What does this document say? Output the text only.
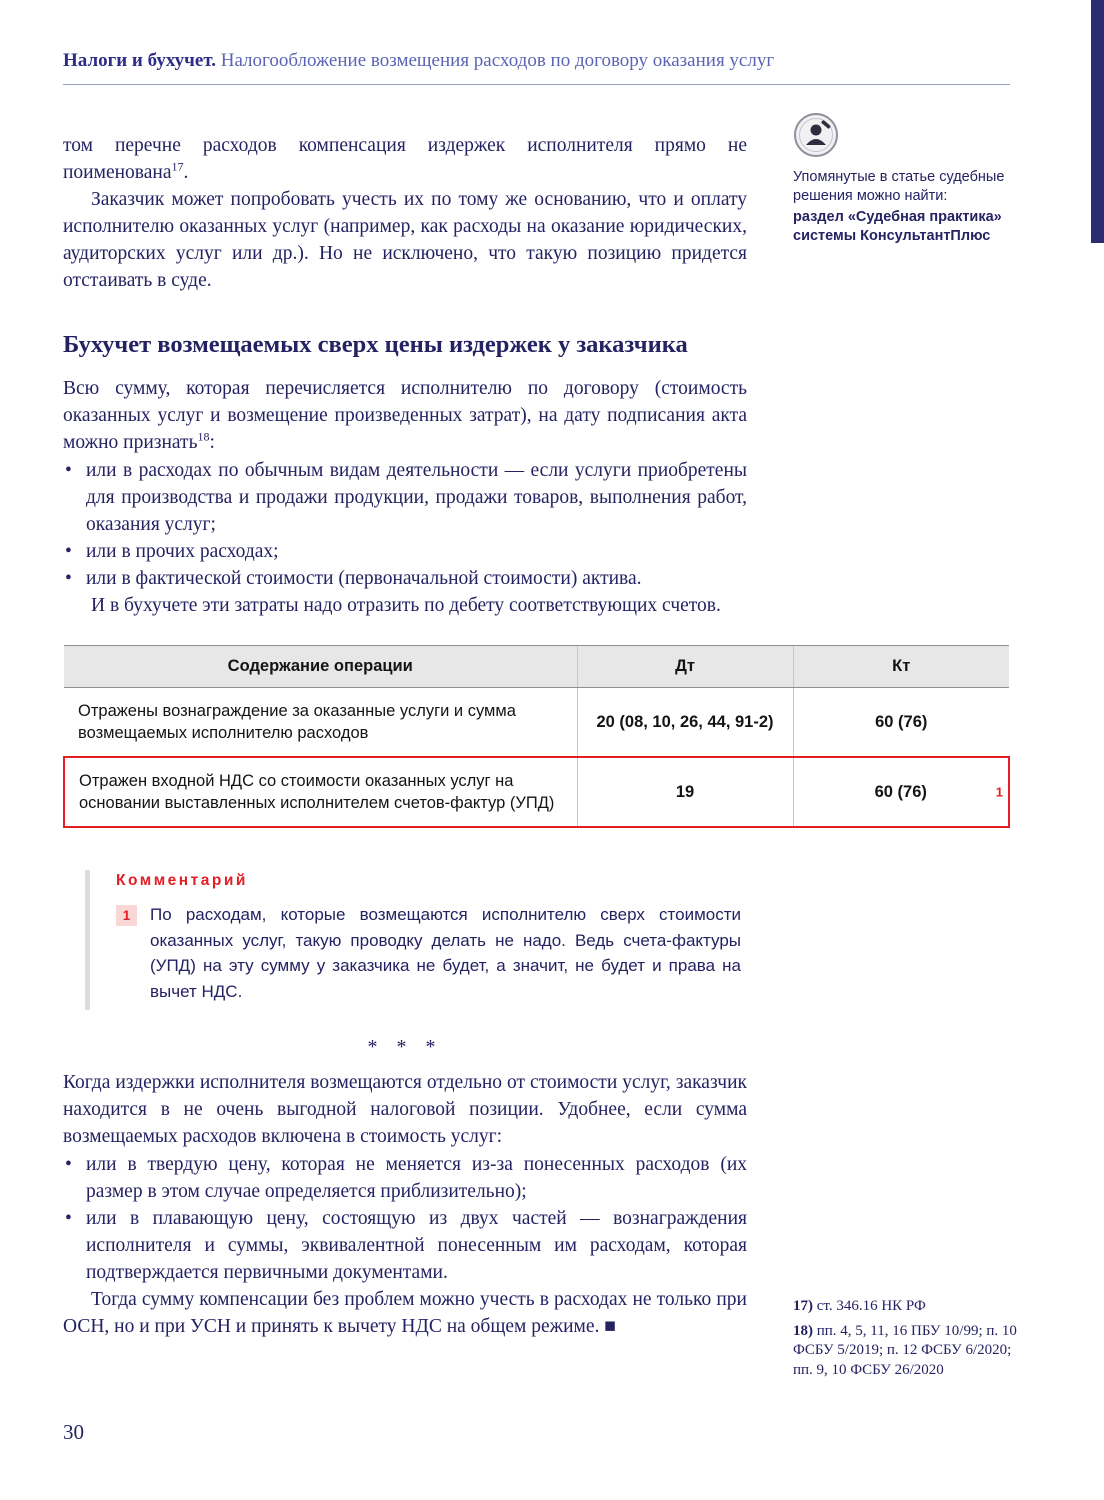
Налоги и бухучет. Налогообложение возмещения расходов по договору оказания услуг

Упомянутые в статье судебные решения можно найти:

раздел «Судебная практика» системы КонсультантПлюс

том перечне расходов компенсация издержек исполнителя прямо не поименована$^{17}$.

Заказчик может попробовать учесть их по тому же основанию, что и оплату исполнителю оказанных услуг (например, как расходы на оказание юридических, аудиторских услуг или др.). Но не исключено, что такую позицию придется отстаивать в суде.

Бухучет возмещаемых сверх цены издержек у заказчика

Всю сумму, которая перечисляется исполнителю по договору (стоимость оказанных услуг и возмещение произведенных затрат), на дату подписания акта можно признать$^{18}$:

• или в расходах по обычным видам деятельности — если услуги приобретены для производства и продажи продукции, продажи товаров, выполнения работ, оказания услуг;
• или в прочих расходах;
• или в фактической стоимости (первоначальной стоимости) актива.

И в бухучете эти затраты надо отразить по дебету соответствующих счетов.

Содержание операции	Дт	Кт
Отражены вознаграждение за оказанные услуги и сумма возмещаемых исполнителю расходов	20 (08, 10, 26, 44, 91-2)	60 (76)
Отражен входной НДС со стоимости оказанных услуг на основании выставленных исполнителем счетов-фактур (УПД)	19	60 (76) 1
Комментарий
1	По расходам, которые возмещаются исполнителю сверх стоимости оказанных услуг, такую проводку делать не надо. Ведь счета-фактуры (УПД) на эту сумму у заказчика не будет, а значит, не будет и права на вычет НДС.

* * *

Когда издержки исполнителя возмещаются отдельно от стоимости услуг, заказчик находится в не очень выгодной налоговой позиции. Удобнее, если сумма возмещаемых расходов включена в стоимость услуг:

• или в твердую цену, которая не меняется из-за понесенных расходов (их размер в этом случае определяется приблизительно);
• или в плавающую цену, состоящую из двух частей — вознаграждения исполнителя и суммы, эквивалентной понесенным им расходам, которая подтверждается первичными документами.

Тогда сумму компенсации без проблем можно учесть в расходах не только при ОСН, но и при УСН и принять к вычету НДС на общем режиме. ■

17) ст. 346.16 НК РФ

18) пп. 4, 5, 11, 16 ПБУ 10/99; п. 10 ФСБУ 5/2019; п. 12 ФСБУ 6/2020; пп. 9, 10 ФСБУ 26/2020

30
